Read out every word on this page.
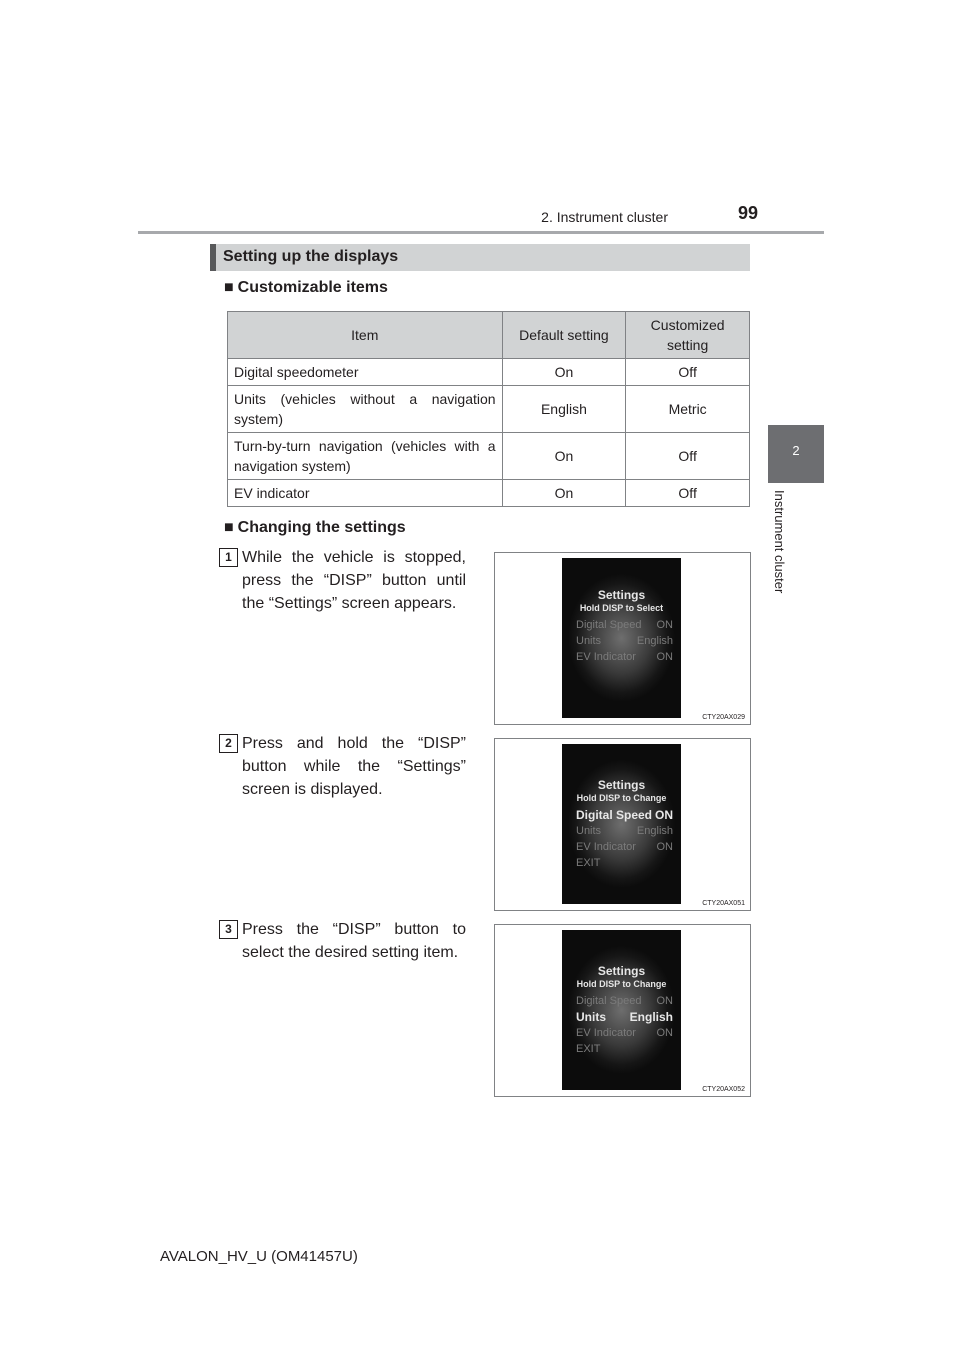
2. Instrument cluster	99
2
Instrument cluster
Setting up the displays
■ Customizable items
Item	Default setting	Customized setting
Digital speedometer	On	Off
Units (vehicles without a navigation system)	English	Metric
Turn-by-turn navigation (vehicles with a navigation system)	On	Off
EV indicator	On	Off
■ Changing the settings
1 While the vehicle is stopped, press the “DISP” button until the “Settings” screen appears.	Settings
Hold DISP to Select
Digital Speed ON
Units	English
EV Indicator ON
CTY20AX029
2 Press and hold the “DISP” button while the “Settings” screen is displayed.	Settings
Hold DISP to Change
Digital Speed ON
Units	English
EV Indicator ON
EXIT
CTY20AX051
3 Press the “DISP” button to select the desired setting item.
Settings
Hold DISP to Change
Digital Speed ON
Units English
EV Indicator ON
EXIT
CTY20AX052
AVALON_HV_U (OM41457U)
